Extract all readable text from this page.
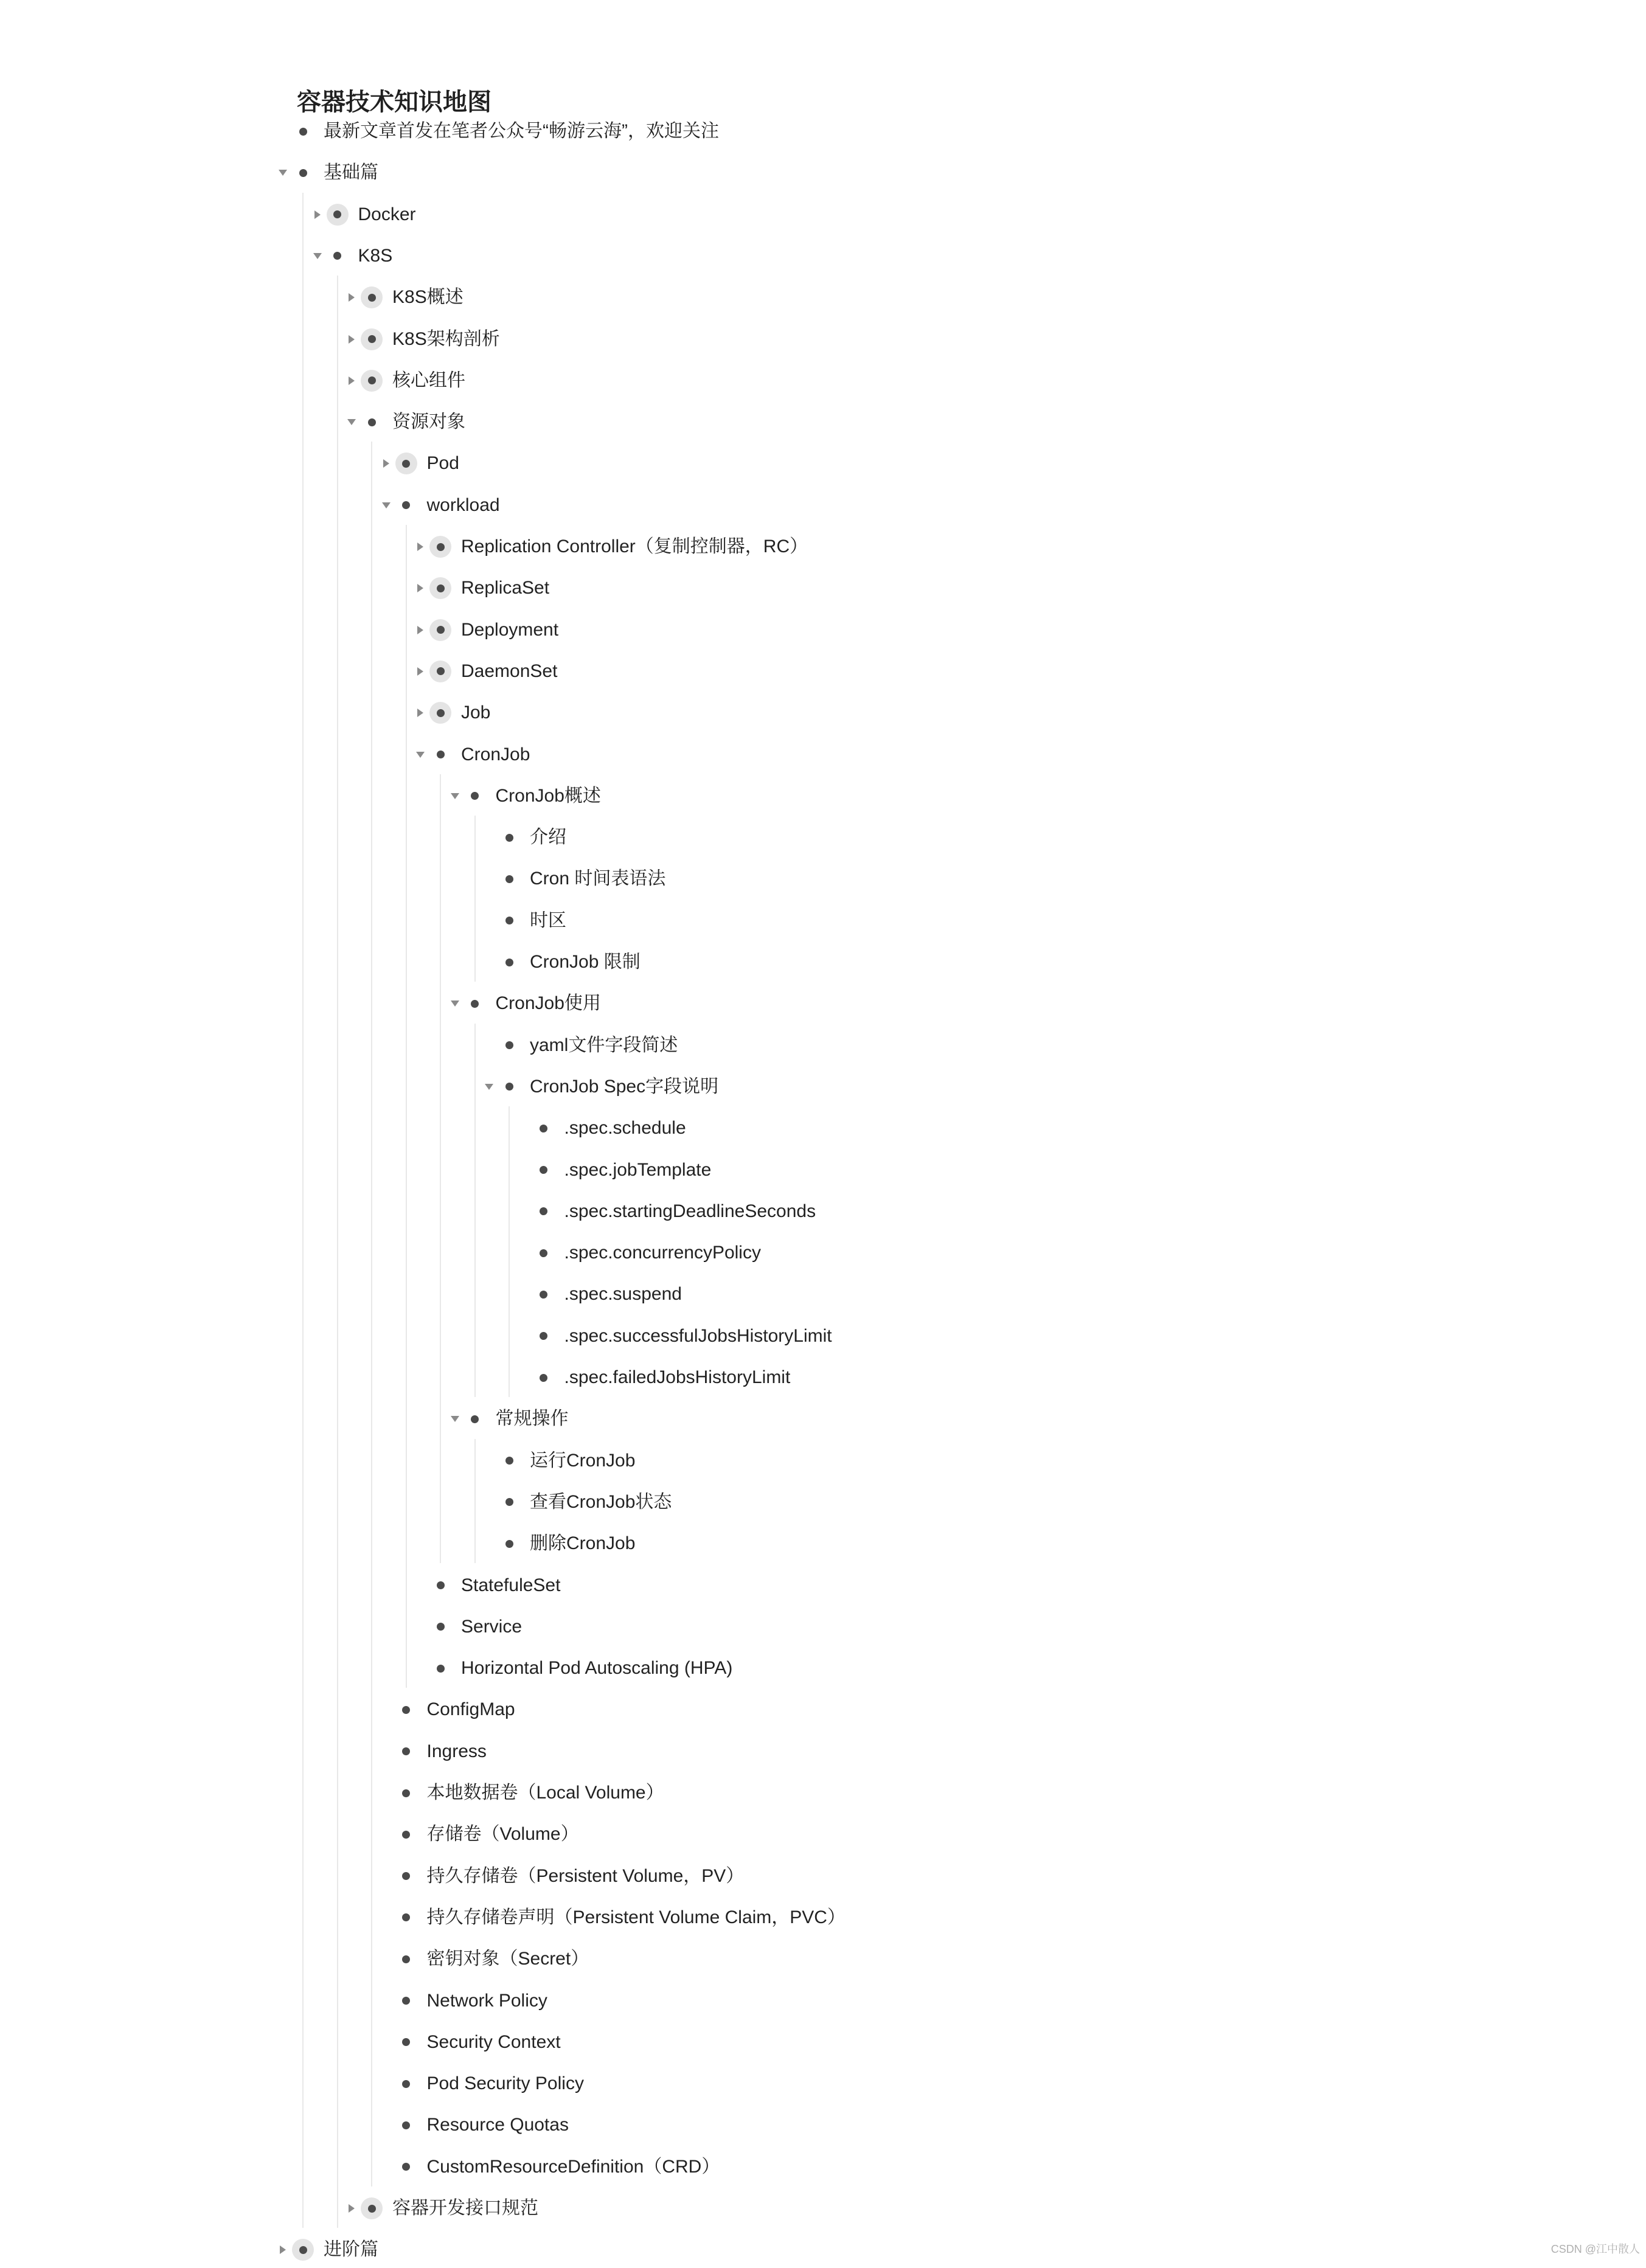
容器技术知识地图
最新文章首发在笔者公众号“畅游云海”，欢迎关注
基础篇
Docker
K8S
K8S概述
K8S架构剖析
核心组件
资源对象
Pod
workload
Replication Controller（复制控制器，RC）
ReplicaSet
Deployment
DaemonSet
Job
CronJob
CronJob概述
介绍
Cron 时间表语法
时区
CronJob 限制
CronJob使用
yaml文件字段简述
CronJob Spec字段说明
.spec.schedule
.spec.jobTemplate
.spec.startingDeadlineSeconds
.spec.concurrencyPolicy
.spec.suspend
.spec.successfulJobsHistoryLimit
.spec.failedJobsHistoryLimit
常规操作
运行CronJob
查看CronJob状态
删除CronJob
StatefuleSet
Service
Horizontal Pod Autoscaling (HPA)
ConfigMap
Ingress
本地数据卷（Local Volume）
存储卷（Volume）
持久存储卷（Persistent Volume，PV）
持久存储卷声明（Persistent Volume Claim，PVC）
密钥对象（Secret）
Network Policy
Security Context
Pod Security Policy
Resource Quotas
CustomResourceDefinition（CRD）
容器开发接口规范
进阶篇	CSDN @江中散人
